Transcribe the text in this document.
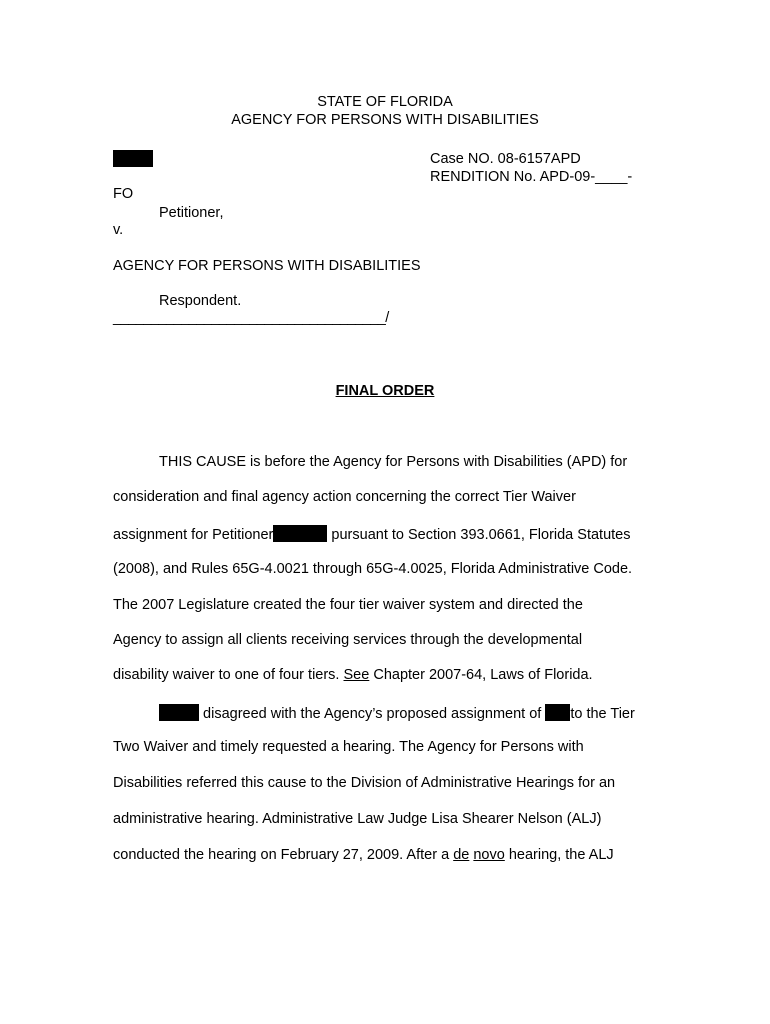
STATE OF FLORIDA
AGENCY FOR PERSONS WITH DISABILITIES
Case NO. 08-6157APD
RENDITION No. APD-09-____-
FO
Petitioner,
v.
AGENCY FOR PERSONS WITH DISABILITIES
Respondent.
____________________________________/
FINAL ORDER
THIS CAUSE is before the Agency for Persons with Disabilities (APD) for
consideration and final agency action concerning the correct Tier Waiver
assignment for Petitioner	pursuant to Section 393.0661, Florida Statutes
(2008), and Rules 65G-4.0021 through 65G-4.0025, Florida Administrative Code.
The 2007 Legislature created the four tier waiver system and directed the
Agency to assign all clients receiving services through the developmental
disability waiver to one of four tiers. See Chapter 2007-64, Laws of Florida.
disagreed with the Agency’s proposed assignment of to the Tier
Two Waiver and timely requested a hearing. The Agency for Persons with
Disabilities referred this cause to the Division of Administrative Hearings for an
administrative hearing. Administrative Law Judge Lisa Shearer Nelson (ALJ)
conducted the hearing on February 27, 2009. After a de novo hearing, the ALJ
